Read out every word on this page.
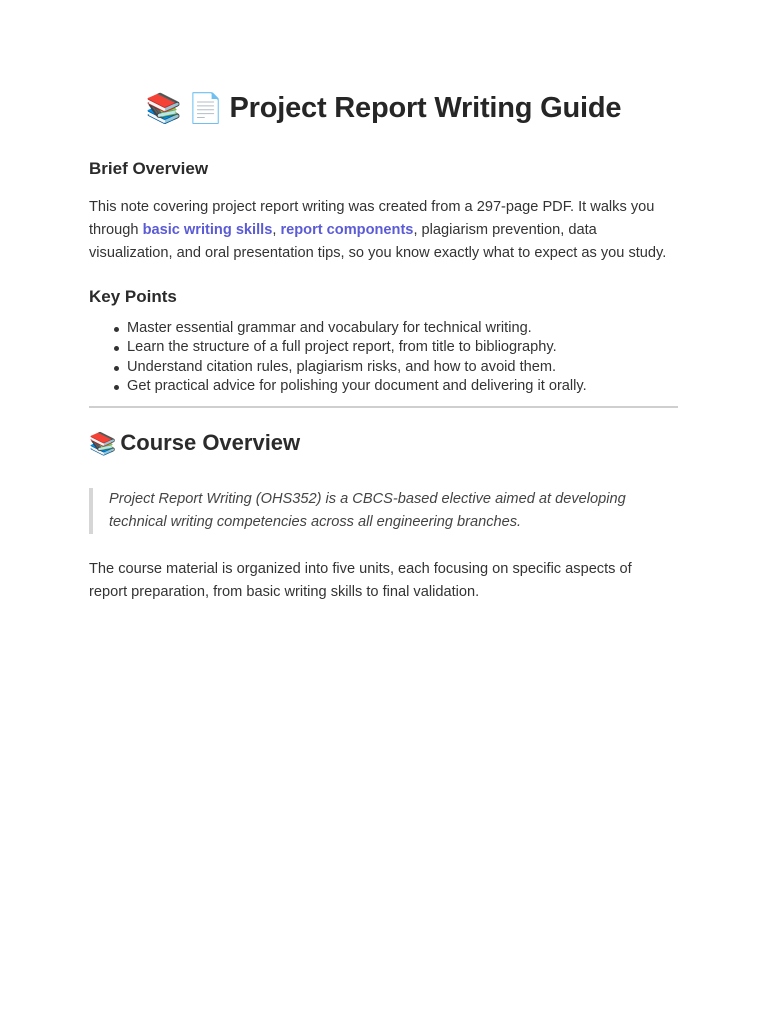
📚 📄 Project Report Writing Guide
Brief Overview
This note covering project report writing was created from a 297-page PDF. It walks you through basic writing skills, report components, plagiarism prevention, data visualization, and oral presentation tips, so you know exactly what to expect as you study.
Key Points
Master essential grammar and vocabulary for technical writing.
Learn the structure of a full project report, from title to bibliography.
Understand citation rules, plagiarism risks, and how to avoid them.
Get practical advice for polishing your document and delivering it orally.
📚 Course Overview
Project Report Writing (OHS352) is a CBCS-based elective aimed at developing technical writing competencies across all engineering branches.
The course material is organized into five units, each focusing on specific aspects of report preparation, from basic writing skills to final validation.
